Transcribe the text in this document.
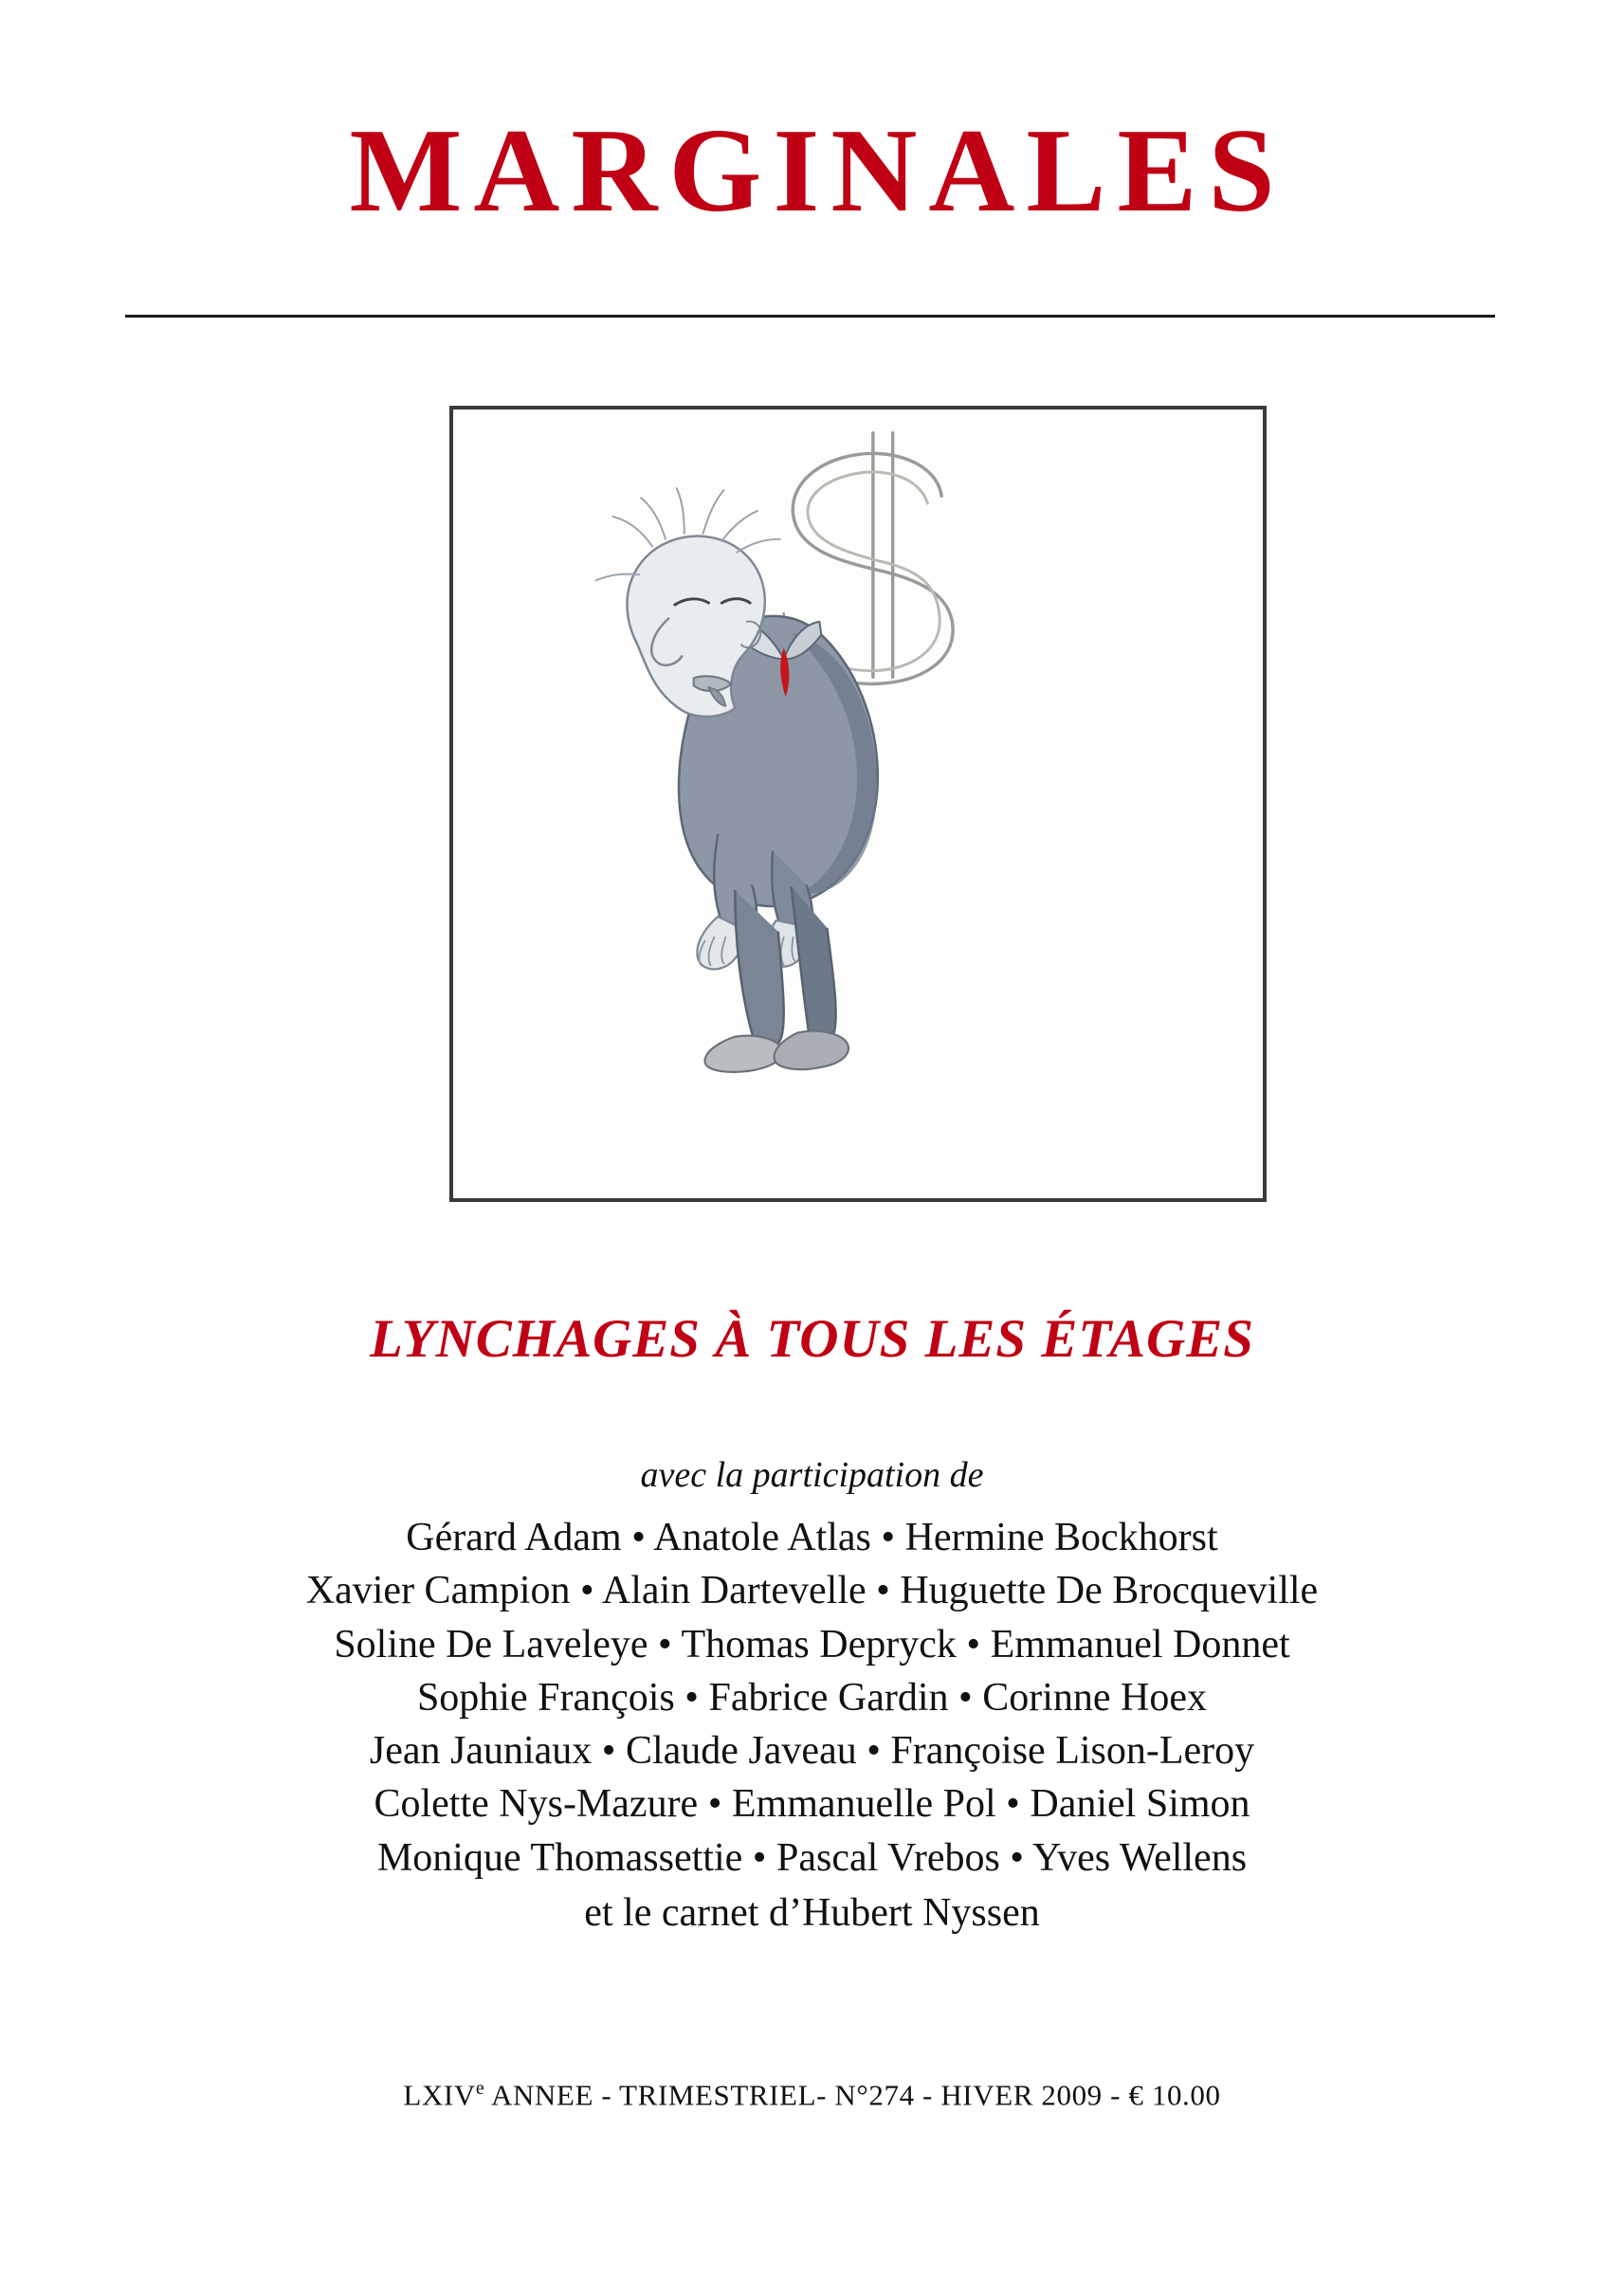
MARGINALES
LYNCHAGES À TOUS LES ÉTAGES
avec la participation de
Gérard Adam • Anatole Atlas • Hermine Bockhorst
Xavier Campion • Alain Dartevelle • Huguette De Brocqueville
Soline De Laveleye • Thomas Depryck • Emmanuel Donnet
Sophie François • Fabrice Gardin • Corinne Hoex
Jean Jauniaux • Claude Javeau • Françoise Lison-Leroy
Colette Nys-Mazure • Emmanuelle Pol • Daniel Simon
Monique Thomassettie • Pascal Vrebos • Yves Wellens
et le carnet d’Hubert Nyssen
LXIVe ANNEE - TRIMESTRIEL- N°274 - HIVER 2009 - € 10.00
